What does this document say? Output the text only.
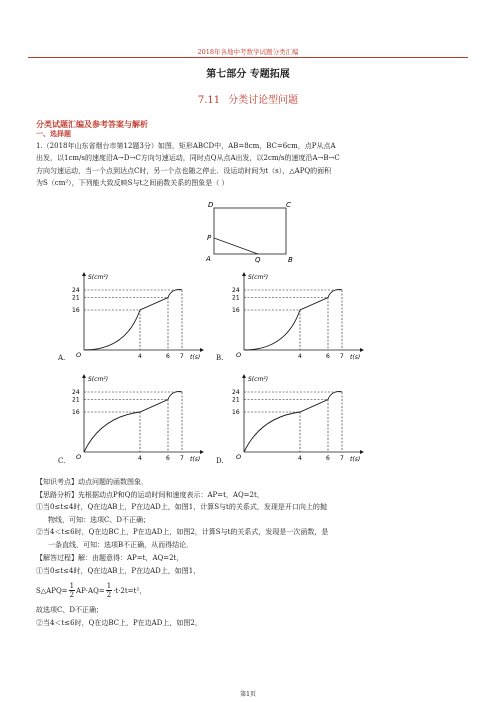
2018年各地中考数学试题分类汇编
第七部分 专题拓展
7.11 分类讨论型问题
分类试题汇编及参考答案与解析
一、选择题
1.（2018年山东省烟台市第12题3分）如图，矩形ABCD中，AB=8cm，BC=6cm，点P从点A
出发，以1cm/s的速度沿A→D→C方向匀速运动，同时点Q从点A出发，以2cm/s的速度沿A→B→C
方向匀速运动，当一个点到达点C时，另一个点也随之停止．设运动时间为t（s），△APQ的面积
为S（cm²），下列能大致反映S与t之间函数关系的图象是（ ）
D	C
P
A	Q	B
S(cm²)
t(s)
O
24
21
16
4	6 7
S(cm²)
t(s)
O
24
21
16
4	6 7
S(cm²)
t(s)
O
24
21
16
4	6 7
S(cm²)
t(s)
O
24
21
16
4	6 7
A.	B.
C.	D.
【知识考点】动点问题的函数图象．
【思路分析】先根据动点P和Q的运动时间和速度表示：AP=t，AQ=2t，
①当0≤t≤4时，Q在边AB上，P在边AD上，如图1，计算S与t的关系式，发现是开口向上的抛
物线，可知：选项C、D不正确；
②当4＜t≤6时，Q在边BC上，P在边AD上，如图2，计算S与t的关系式，发现是一次函数，是
一条直线，可知：选项B不正确，从而得结论．
【解答过程】解：由题意得：AP=t，AQ=2t，
①当0≤t≤4时，Q在边AB上，P在边AD上，如图1，
S△APQ= $\frac{1}{2} AP\cdot AQ= \frac{1}{2} \cdot t\cdot 2t=t^2$，
故选项C、D不正确；
②当4＜t≤6时，Q在边BC上，P在边AD上，如图2，
第1页
